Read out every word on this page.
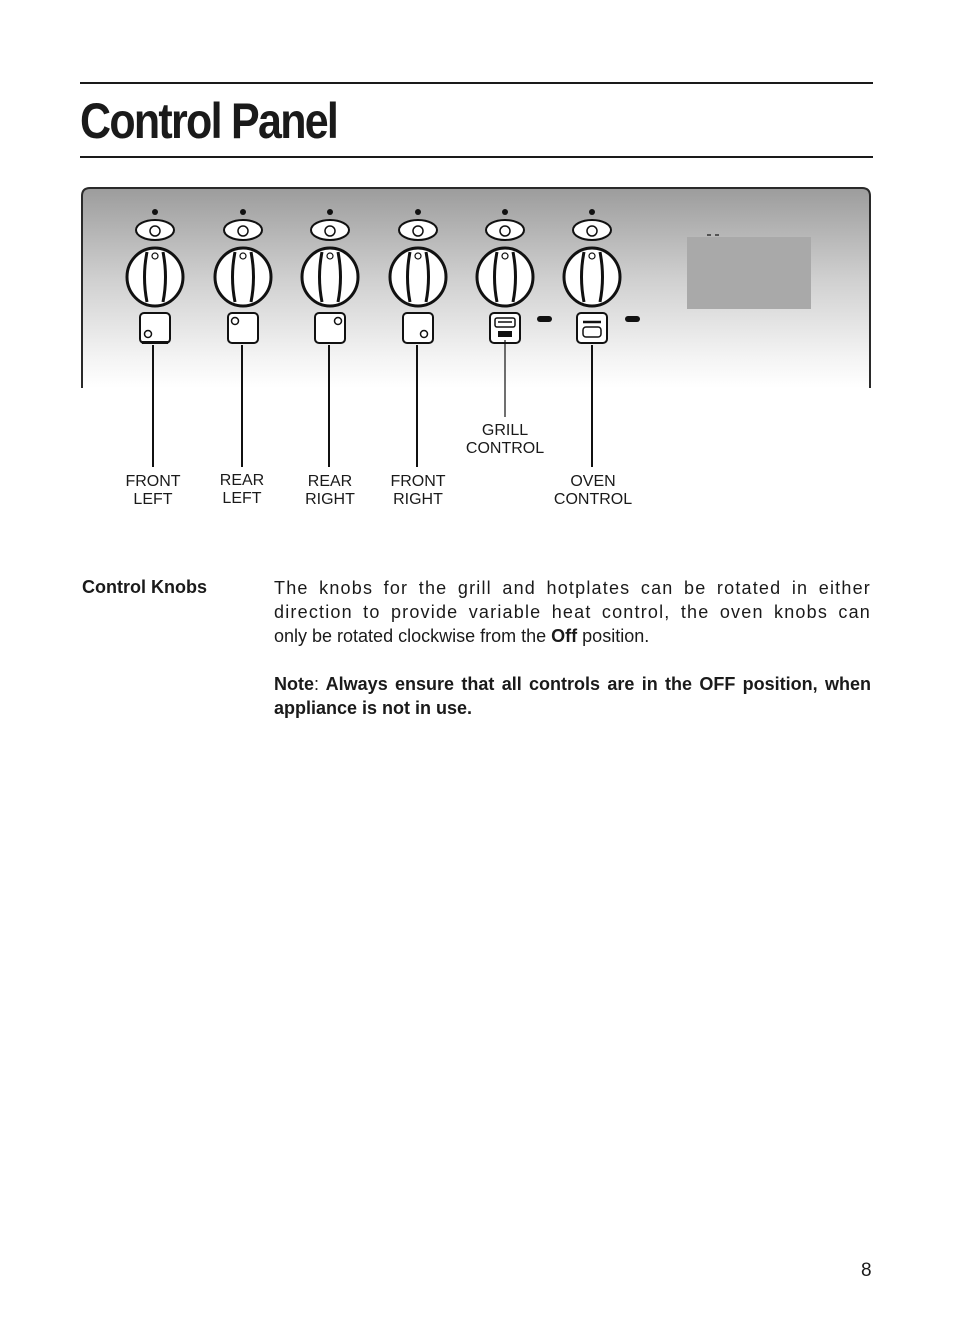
Control Panel
FRONT
LEFT
REAR
LEFT
REAR
RIGHT
FRONT
RIGHT
GRILL
CONTROL
OVEN
CONTROL
Control Knobs	The knobs for the grill and hotplates can be rotated in either direction to provide variable heat control, the oven knobs can only be rotated clockwise from the Off position.

Note: Always ensure that all controls are in the OFF position, when appliance is not in use.

8
